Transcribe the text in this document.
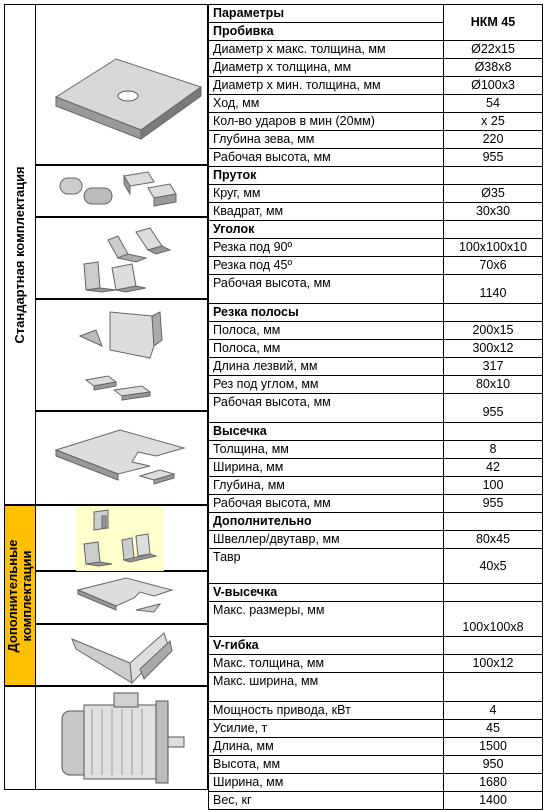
Стандартная комплектация
Дополнительные комплектации
Параметры	НКМ 45
Пробивка	
Диаметр х макс. толщина, мм	Ø22x15
Диаметр х толщина, мм	Ø38x8
Диаметр х мин. толщина, мм	Ø100x3
Ход, мм	54
Кол-во ударов в мин (20мм)	x 25
Глубина зева, мм	220
Рабочая высота, мм	955
Пруток	
Круг, мм	Ø35
Квадрат, мм	30x30
Уголок	
Резка под 90º	100x100x10
Резка под 45º	70x6
Рабочая высота, мм	1140
Резка полосы	
Полоса, мм	200x15
Полоса, мм	300x12
Длина лезвий, мм	317
Рез под углом, мм	80x10
Рабочая высота, мм	955
Высечка	
Толщина, мм	8
Ширина, мм	42
Глубина, мм	100
Рабочая высота, мм	955
Дополнительно	
Швеллер/двутавр, мм	80x45
Тавр	40x5
V-высечка	
Макс. размеры, мм	100x100x8
V-гибка	
Макс. толщина, мм	100x12
Макс. ширина, мм	
Мощность привода, кВт	4
Усилие, т	45
Длина, мм	1500
Высота, мм	950
Ширина, мм	1680
Вес, кг	1400
